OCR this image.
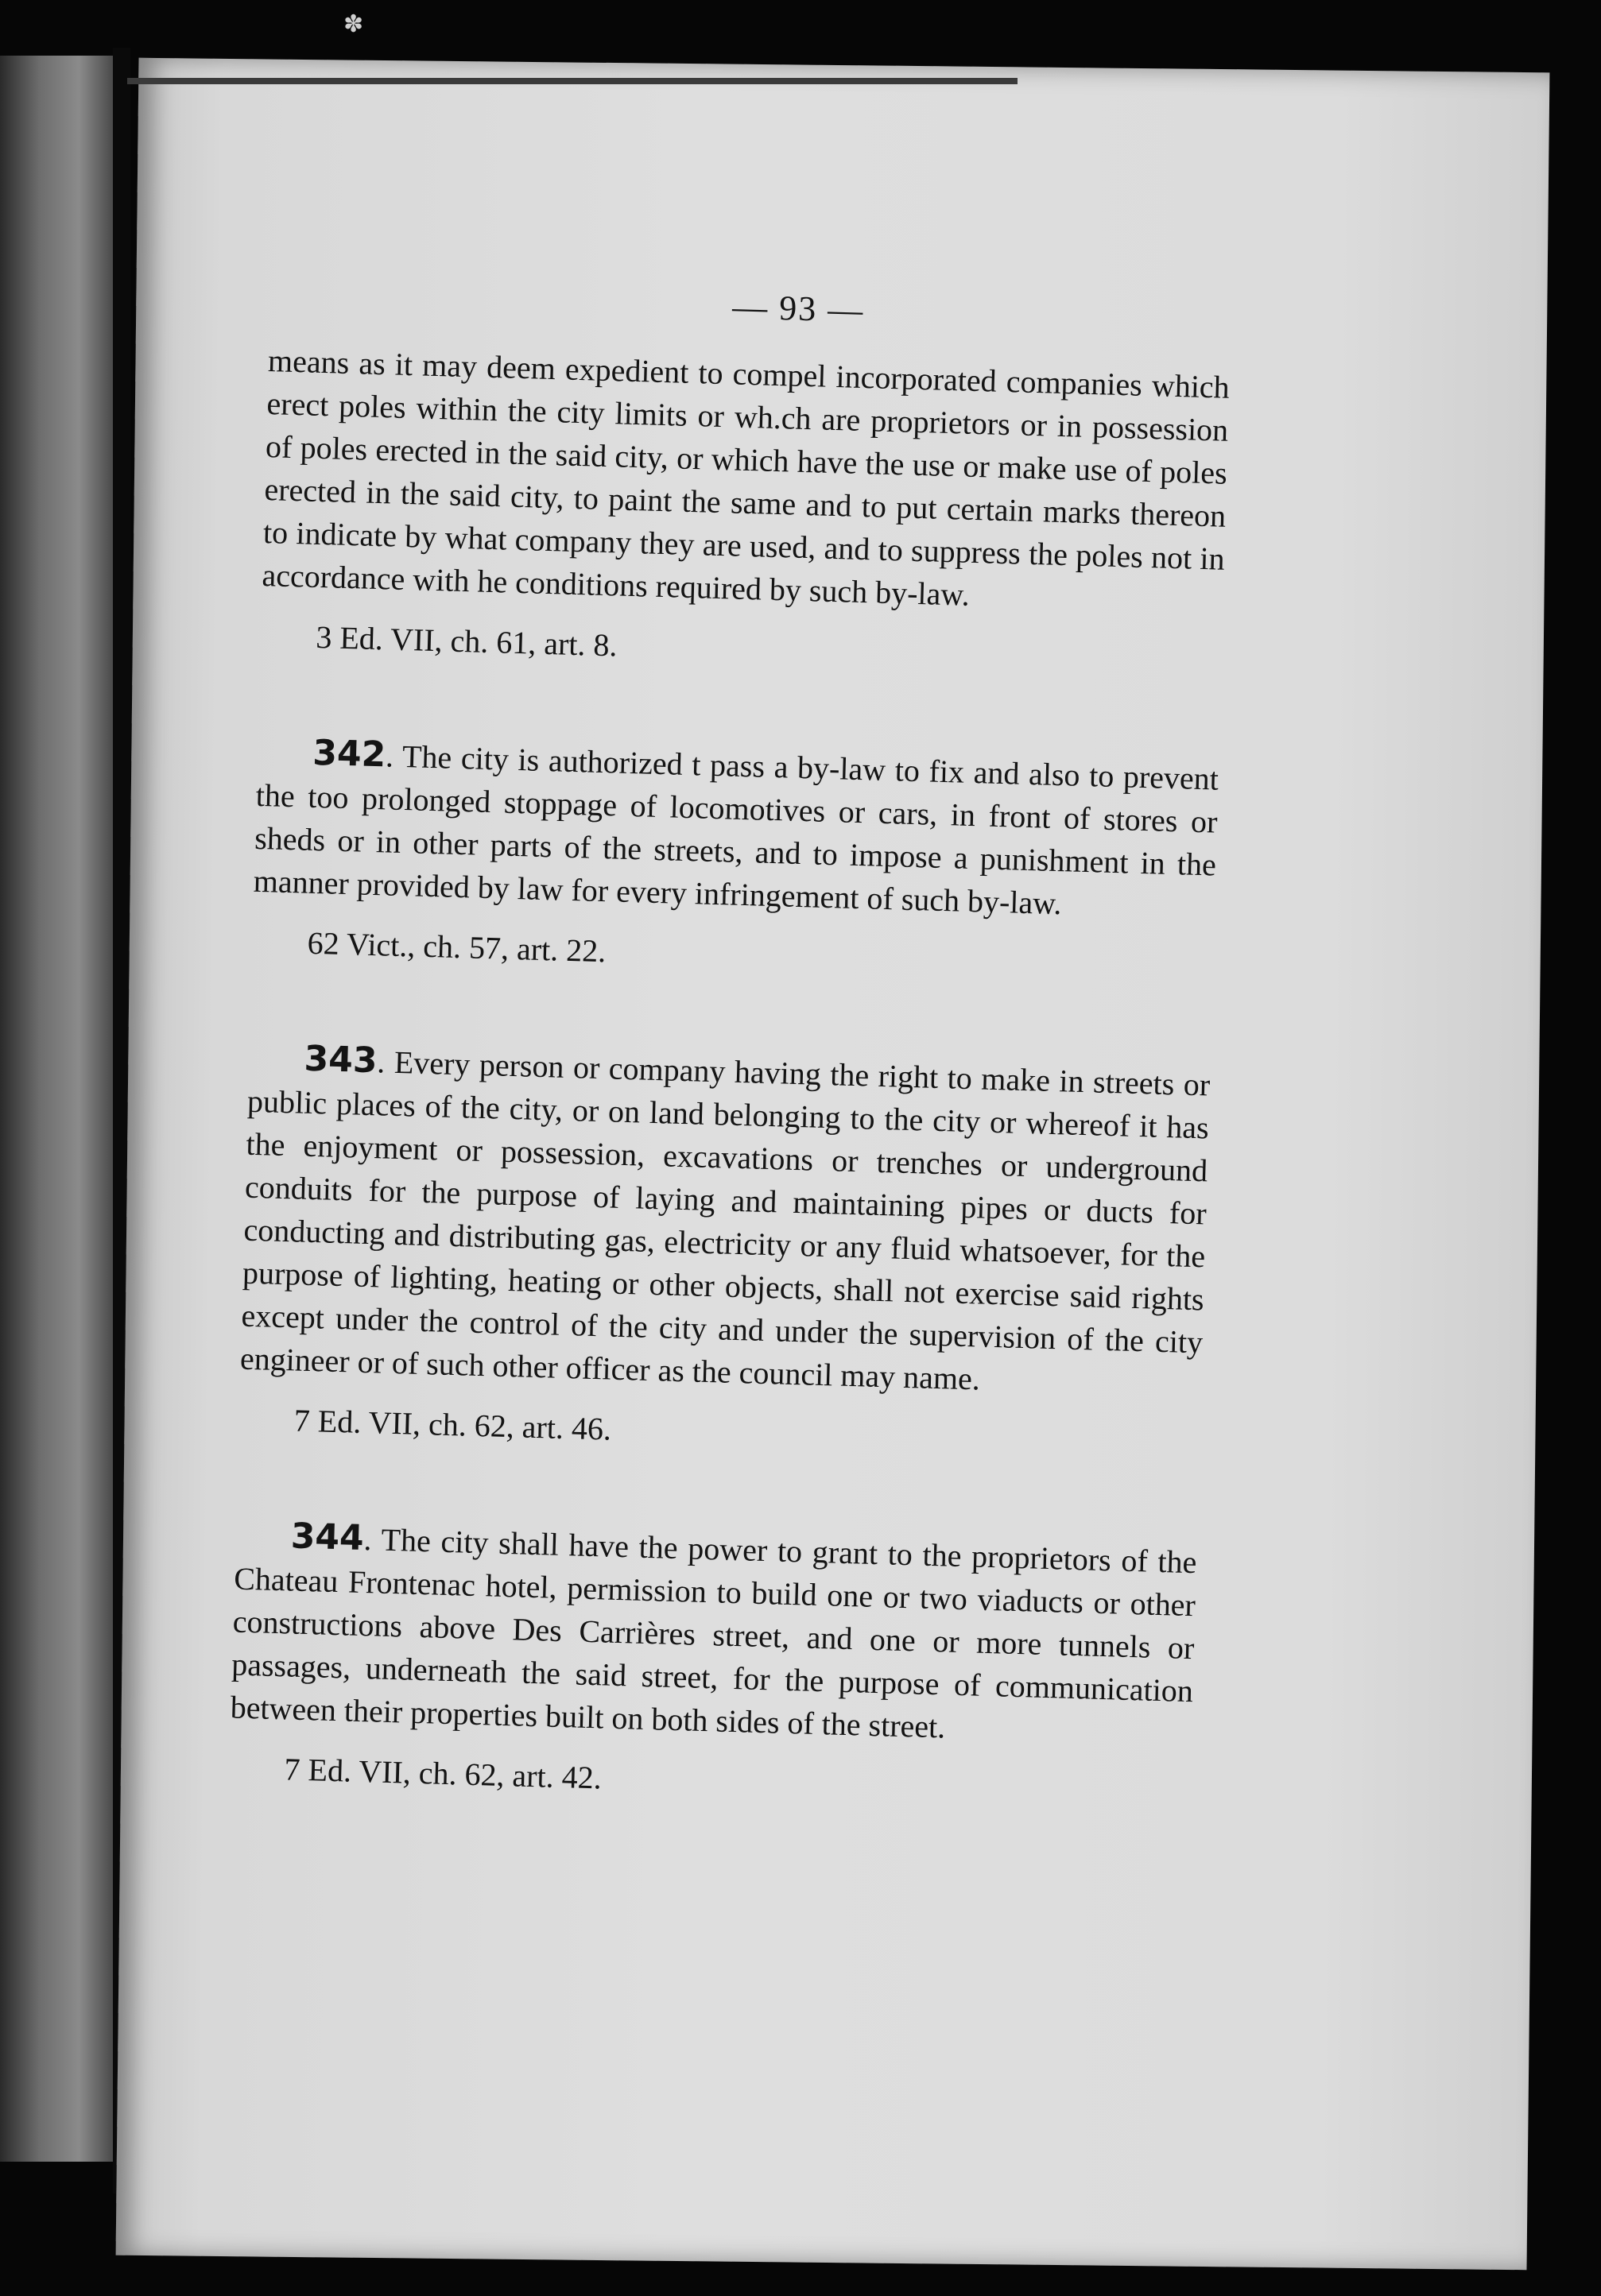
✽
— 93 —

means as it may deem expedient to compel incorporated companies which erect poles within the city limits or wh.ch are proprietors or in possession of poles erected in the said city, or which have the use or make use of poles erected in the said city, to paint the same and to put certain marks thereon to indicate by what company they are used, and to suppress the poles not in accordance with he conditions required by such by-law.

3 Ed. VII, ch. 61, art. 8.

342. The city is authorized t pass a by-law to fix and also to prevent the too prolonged stoppage of locomotives or cars, in front of stores or sheds or in other parts of the streets, and to impose a punishment in the manner provided by law for every infringement of such by-law.

62 Vict., ch. 57, art. 22.

343. Every person or company having the right to make in streets or public places of the city, or on land belonging to the city or whereof it has the enjoyment or possession, excavations or trenches or underground conduits for the purpose of laying and maintaining pipes or ducts for conducting and distributing gas, electricity or any fluid whatsoever, for the purpose of lighting, heating or other objects, shall not exercise said rights except under the control of the city and under the supervision of the city engineer or of such other officer as the council may name.

7 Ed. VII, ch. 62, art. 46.

344. The city shall have the power to grant to the proprietors of the Chateau Frontenac hotel, permission to build one or two viaducts or other constructions above Des Carrières street, and one or more tunnels or passages, underneath the said street, for the purpose of communication between their properties built on both sides of the street.

7 Ed. VII, ch. 62, art. 42.
